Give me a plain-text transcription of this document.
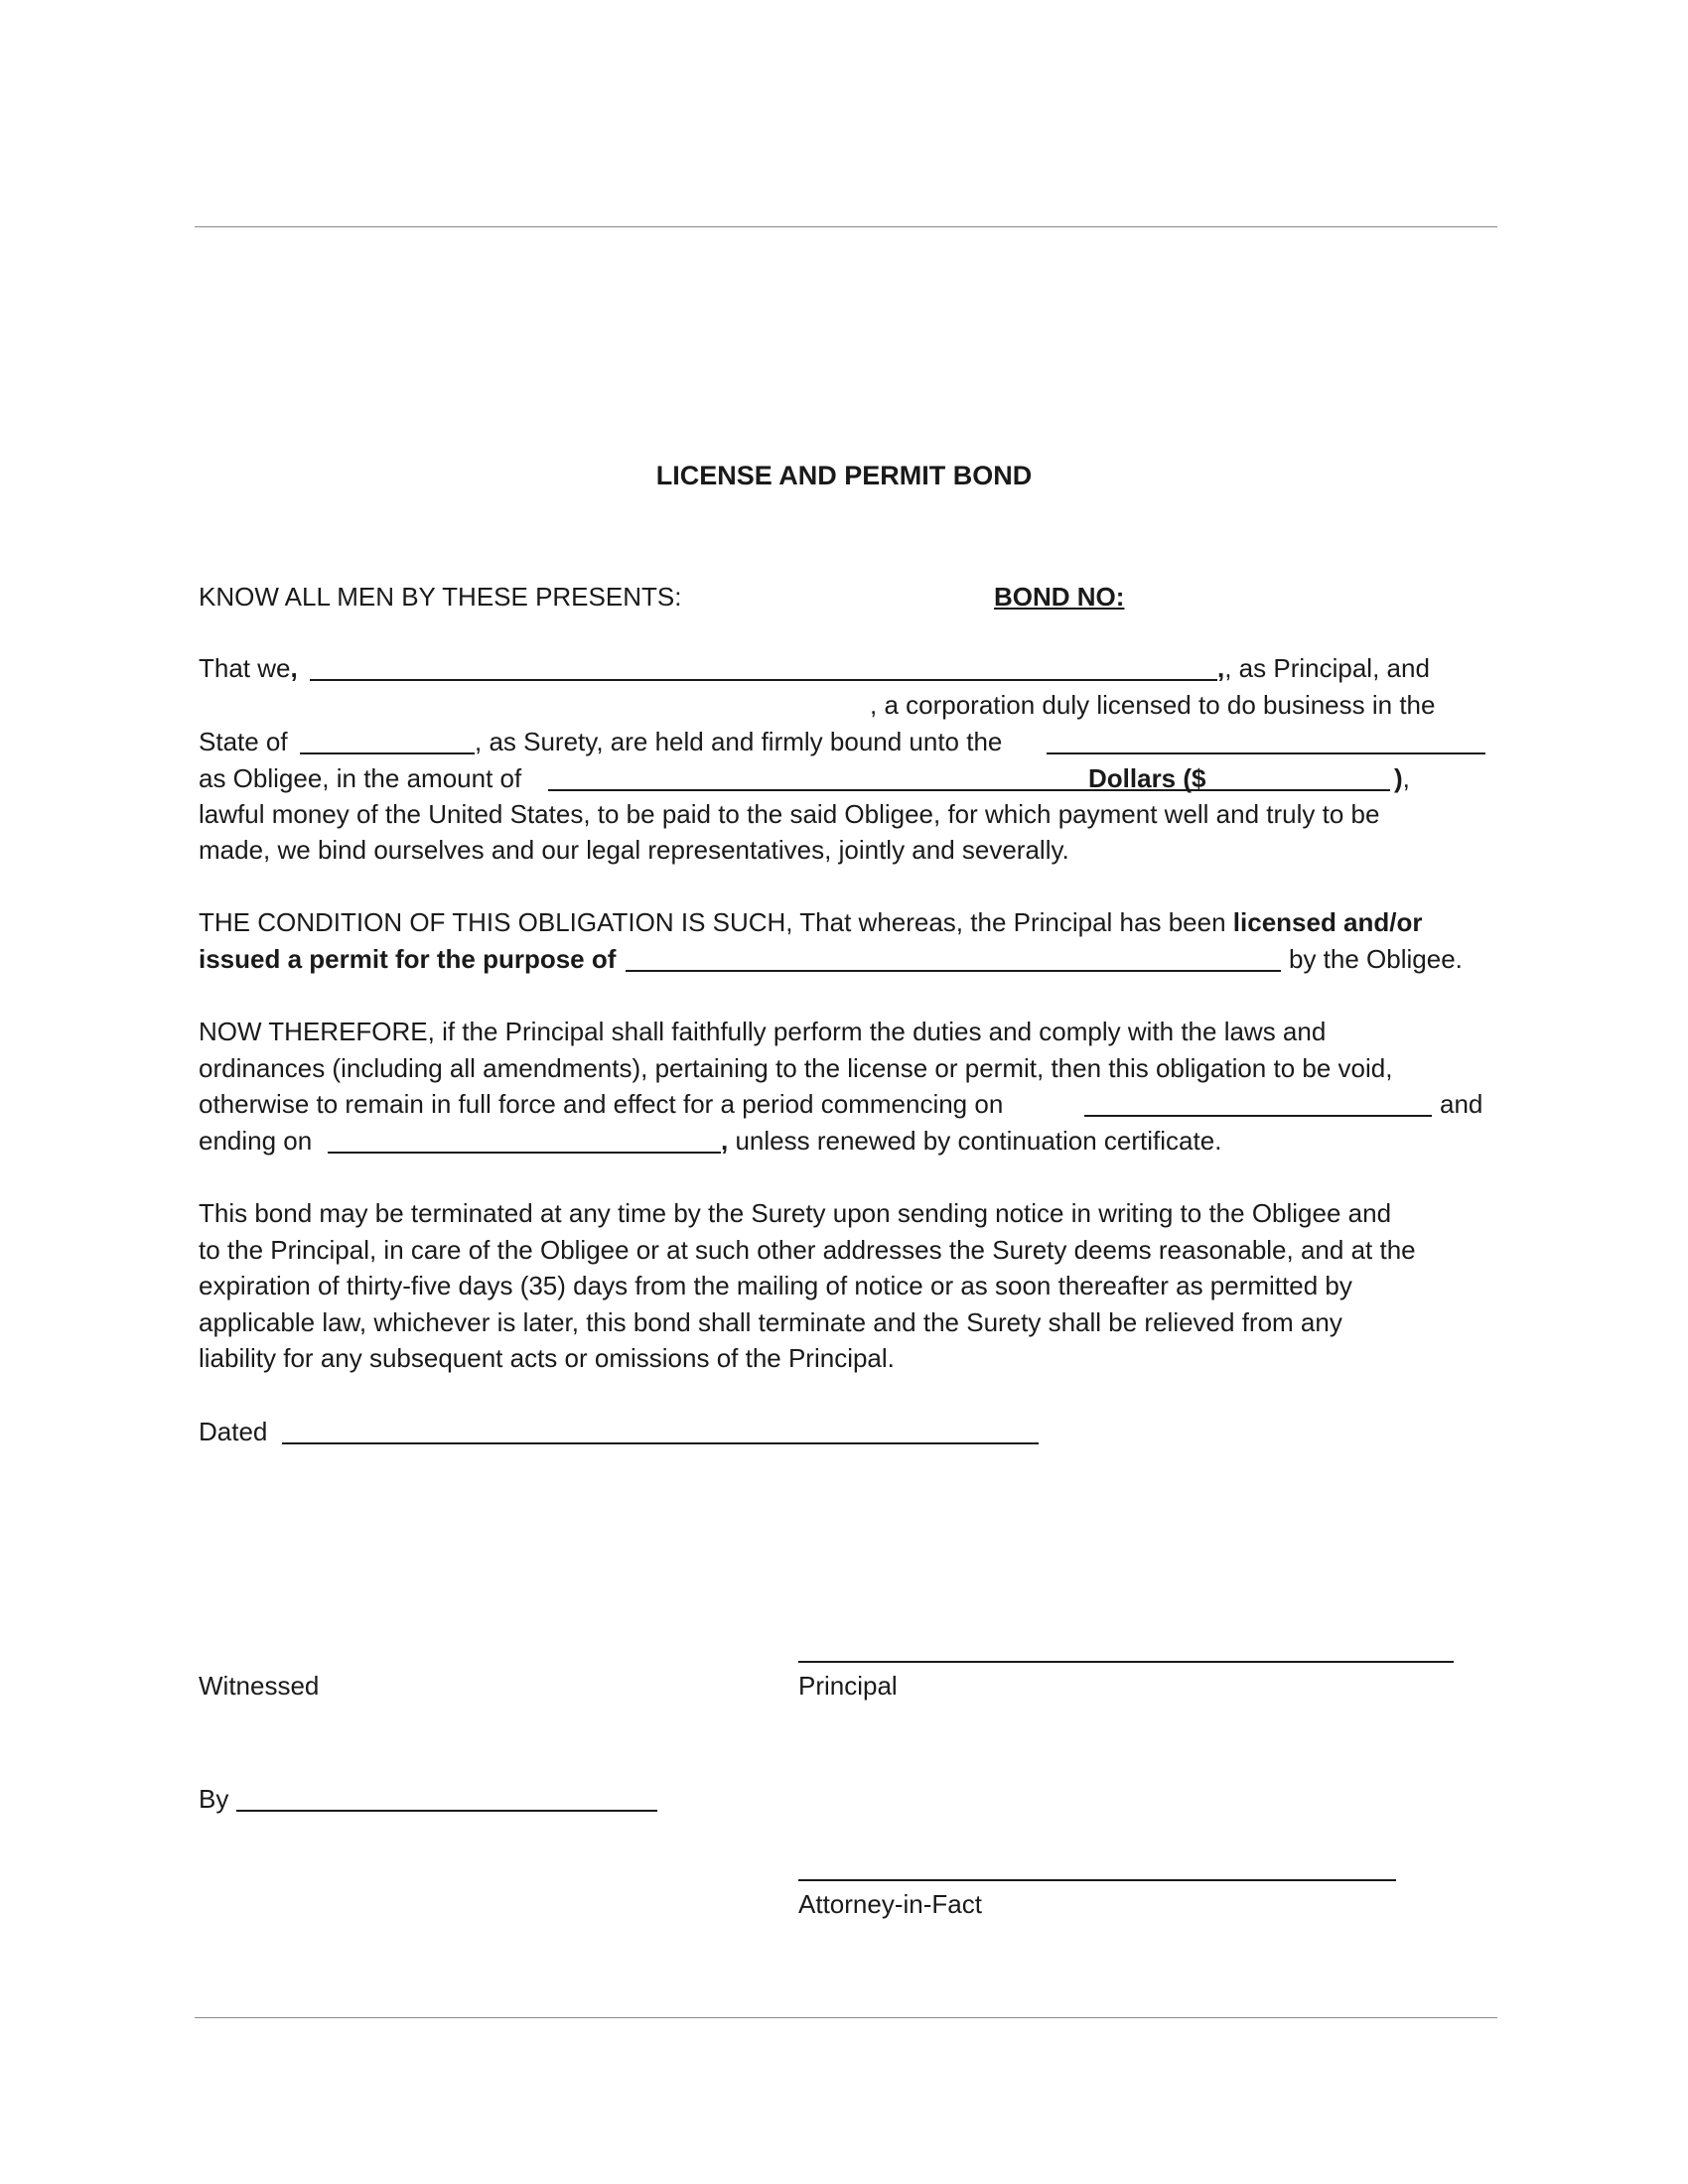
LICENSE AND PERMIT BOND
KNOW ALL MEN BY THESE PRESENTS:	BOND NO:
That we,	,, as Principal, and
, a corporation duly licensed to do business in the
State of	, as Surety, are held and firmly bound unto the
as Obligee, in the amount of	Dollars ($	),
lawful money of the United States, to be paid to the said Obligee, for which payment well and truly to be
made, we bind ourselves and our legal representatives, jointly and severally.
THE CONDITION OF THIS OBLIGATION IS SUCH, That whereas, the Principal has been licensed and/or
issued a permit for the purpose of	by the Obligee.
NOW THEREFORE, if the Principal shall faithfully perform the duties and comply with the laws and
ordinances (including all amendments), pertaining to the license or permit, then this obligation to be void,
otherwise to remain in full force and effect for a period commencing on	and
ending on	, unless renewed by continuation certificate.
This bond may be terminated at any time by the Surety upon sending notice in writing to the Obligee and
to the Principal, in care of the Obligee or at such other addresses the Surety deems reasonable, and at the
expiration of thirty-five days (35) days from the mailing of notice or as soon thereafter as permitted by
applicable law, whichever is later, this bond shall terminate and the Surety shall be relieved from any
liability for any subsequent acts or omissions of the Principal.
Dated
Witnessed	Principal
By
Attorney-in-Fact
